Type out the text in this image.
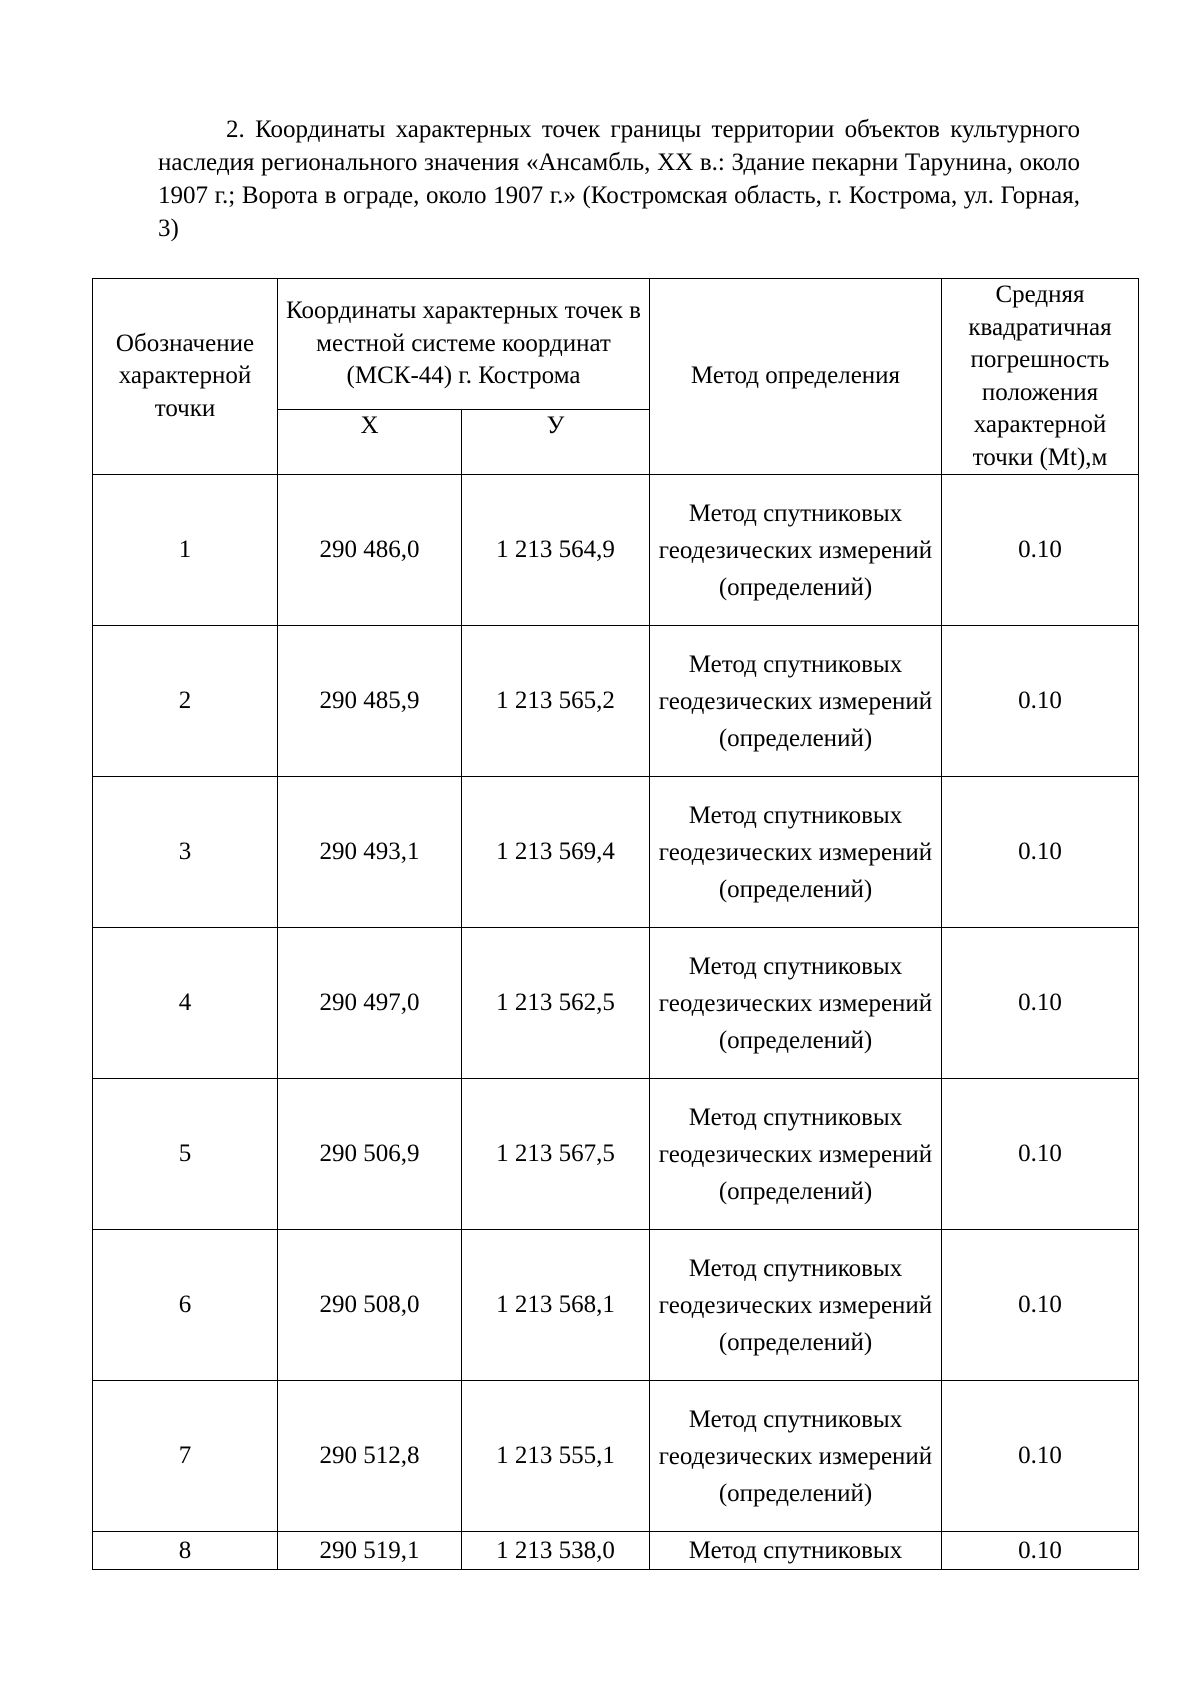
2. Координаты характерных точек границы территории объектов культурного наследия регионального значения «Ансамбль, XX в.: Здание пекарни Тарунина, около 1907 г.; Ворота в ограде, около 1907 г.» (Костромская область, г. Кострома, ул. Горная, 3)

Обозначение характерной точки	Координаты характерных точек в местной системе координат (МСК-44) г. Кострома		Метод определения	Средняя квадратичная погрешность положения характерной точки (Mt),м
	Х	У		
1	290 486,0	1 213 564,9	Метод спутниковых геодезических измерений (определений)	0.10
2	290 485,9	1 213 565,2	Метод спутниковых геодезических измерений (определений)	0.10
3	290 493,1	1 213 569,4	Метод спутниковых геодезических измерений (определений)	0.10
4	290 497,0	1 213 562,5	Метод спутниковых геодезических измерений (определений)	0.10
5	290 506,9	1 213 567,5	Метод спутниковых геодезических измерений (определений)	0.10
6	290 508,0	1 213 568,1	Метод спутниковых геодезических измерений (определений)	0.10
7	290 512,8	1 213 555,1	Метод спутниковых геодезических измерений (определений)	0.10
8	290 519,1	1 213 538,0	Метод спутниковых	0.10
